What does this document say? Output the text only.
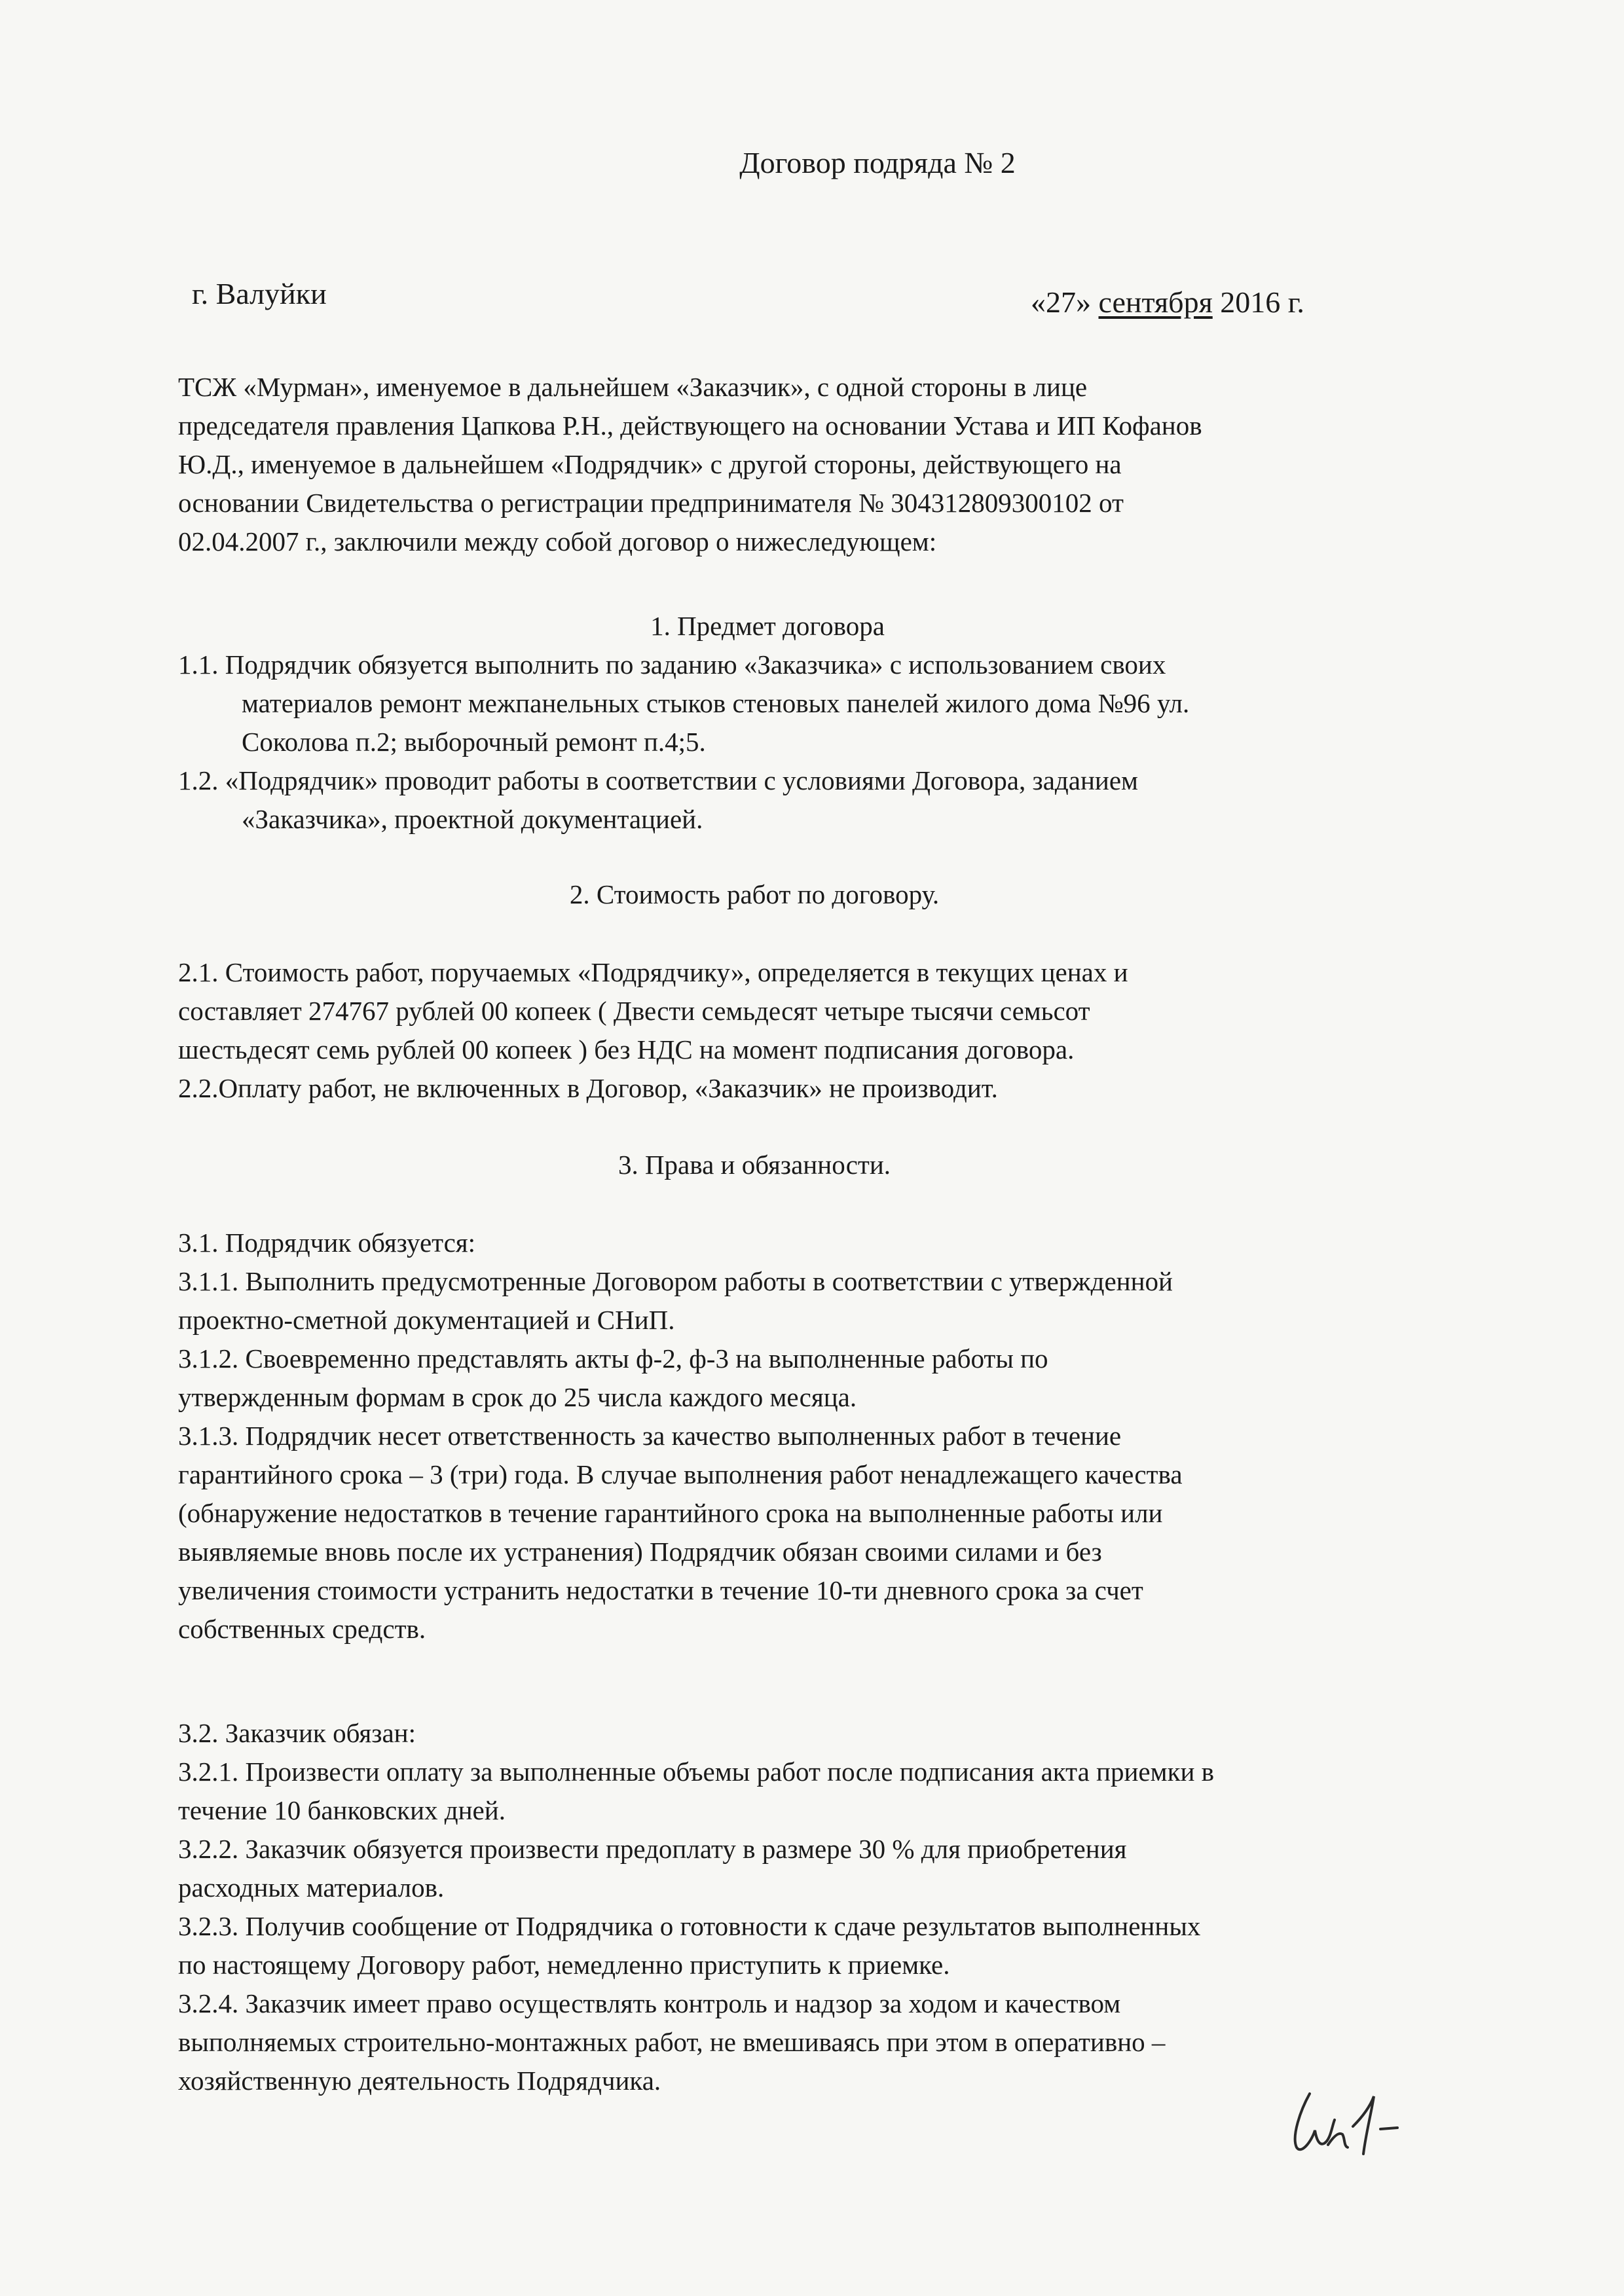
Договор подряда № 2
г. Валуйки	«27» сентября 2016 г.
ТСЖ «Мурман», именуемое в дальнейшем «Заказчик», с одной стороны в лице
председателя правления Цапкова Р.Н., действующего на основании Устава и ИП Кофанов
Ю.Д., именуемое в дальнейшем «Подрядчик» с другой стороны, действующего на
основании Свидетельства о регистрации предпринимателя № 304312809300102 от
02.04.2007 г., заключили между собой договор о нижеследующем:
1. Предмет договора
1.1. Подрядчик обязуется выполнить по заданию «Заказчика» с использованием своих
материалов ремонт межпанельных стыков стеновых панелей жилого дома №96 ул.
Соколова п.2; выборочный ремонт п.4;5.
1.2. «Подрядчик» проводит работы в соответствии с условиями Договора, заданием
«Заказчика», проектной документацией.
2. Стоимость работ по договору.
2.1. Стоимость работ, поручаемых «Подрядчику», определяется в текущих ценах и
составляет 274767 рублей 00 копеек ( Двести семьдесят четыре тысячи семьсот
шестьдесят семь рублей 00 копеек ) без НДС на момент подписания договора.
2.2.Оплату работ, не включенных в Договор, «Заказчик» не производит.
3. Права и обязанности.
3.1. Подрядчик обязуется:
3.1.1. Выполнить предусмотренные Договором работы в соответствии с утвержденной
проектно-сметной документацией и СНиП.
3.1.2. Своевременно представлять акты ф-2, ф-3 на выполненные работы по
утвержденным формам в срок до 25 числа каждого месяца.
3.1.3. Подрядчик несет ответственность за качество выполненных работ в течение
гарантийного срока – 3 (три) года. В случае выполнения работ ненадлежащего качества
(обнаружение недостатков в течение гарантийного срока на выполненные работы или
выявляемые вновь после их устранения) Подрядчик обязан своими силами и без
увеличения стоимости устранить недостатки в течение 10-ти дневного срока за счет
собственных средств.
3.2. Заказчик обязан:
3.2.1. Произвести оплату за выполненные объемы работ после подписания акта приемки в
течение 10 банковских дней.
3.2.2. Заказчик обязуется произвести предоплату в размере 30 % для приобретения
расходных материалов.
3.2.3. Получив сообщение от Подрядчика о готовности к сдаче результатов выполненных
по настоящему Договору работ, немедленно приступить к приемке.
3.2.4. Заказчик имеет право осуществлять контроль и надзор за ходом и качеством
выполняемых строительно-монтажных работ, не вмешиваясь при этом в оперативно –
хозяйственную деятельность Подрядчика.
